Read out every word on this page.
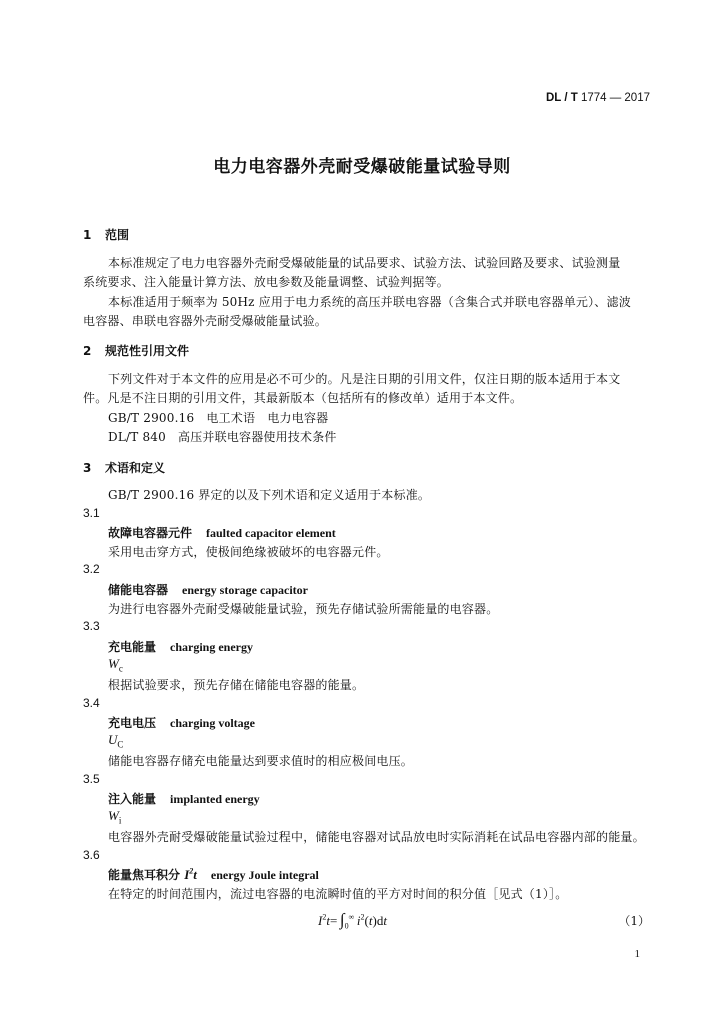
DL / T 1774 — 2017
电力电容器外壳耐受爆破能量试验导则
1 范围
本标准规定了电力电容器外壳耐受爆破能量的试品要求、试验方法、试验回路及要求、试验测量
系统要求、注入能量计算方法、放电参数及能量调整、试验判据等。
本标准适用于频率为 50Hz 应用于电力系统的高压并联电容器（含集合式并联电容器单元）、滤波
电容器、串联电容器外壳耐受爆破能量试验。
2 规范性引用文件
下列文件对于本文件的应用是必不可少的。凡是注日期的引用文件，仅注日期的版本适用于本文
件。凡是不注日期的引用文件，其最新版本（包括所有的修改单）适用于本文件。
GB/T 2900.16 电工术语　电力电容器
DL/T 840 高压并联电容器使用技术条件
3 术语和定义
GB/T 2900.16 界定的以及下列术语和定义适用于本标准。
3.1
故障电容器元件 faulted capacitor element
采用电击穿方式，使极间绝缘被破坏的电容器元件。
3.2
储能电容器 energy storage capacitor
为进行电容器外壳耐受爆破能量试验，预先存储试验所需能量的电容器。
3.3
充电能量 charging energy
$W_c$
根据试验要求，预先存储在储能电容器的能量。
3.4
充电电压 charging voltage
$U_C$
储能电容器存储充电能量达到要求值时的相应极间电压。
3.5
注入能量 implanted energy
$W_i$
电容器外壳耐受爆破能量试验过程中，储能电容器对试品放电时实际消耗在试品电容器内部的能量。
3.6
能量焦耳积分 $I^2t$ energy Joule integral
在特定的时间范围内，流过电容器的电流瞬时值的平方对时间的积分值［见式（1）］。
$I^2t= \int_0^\infty$  $i^2(t)dt$	（1）
1
